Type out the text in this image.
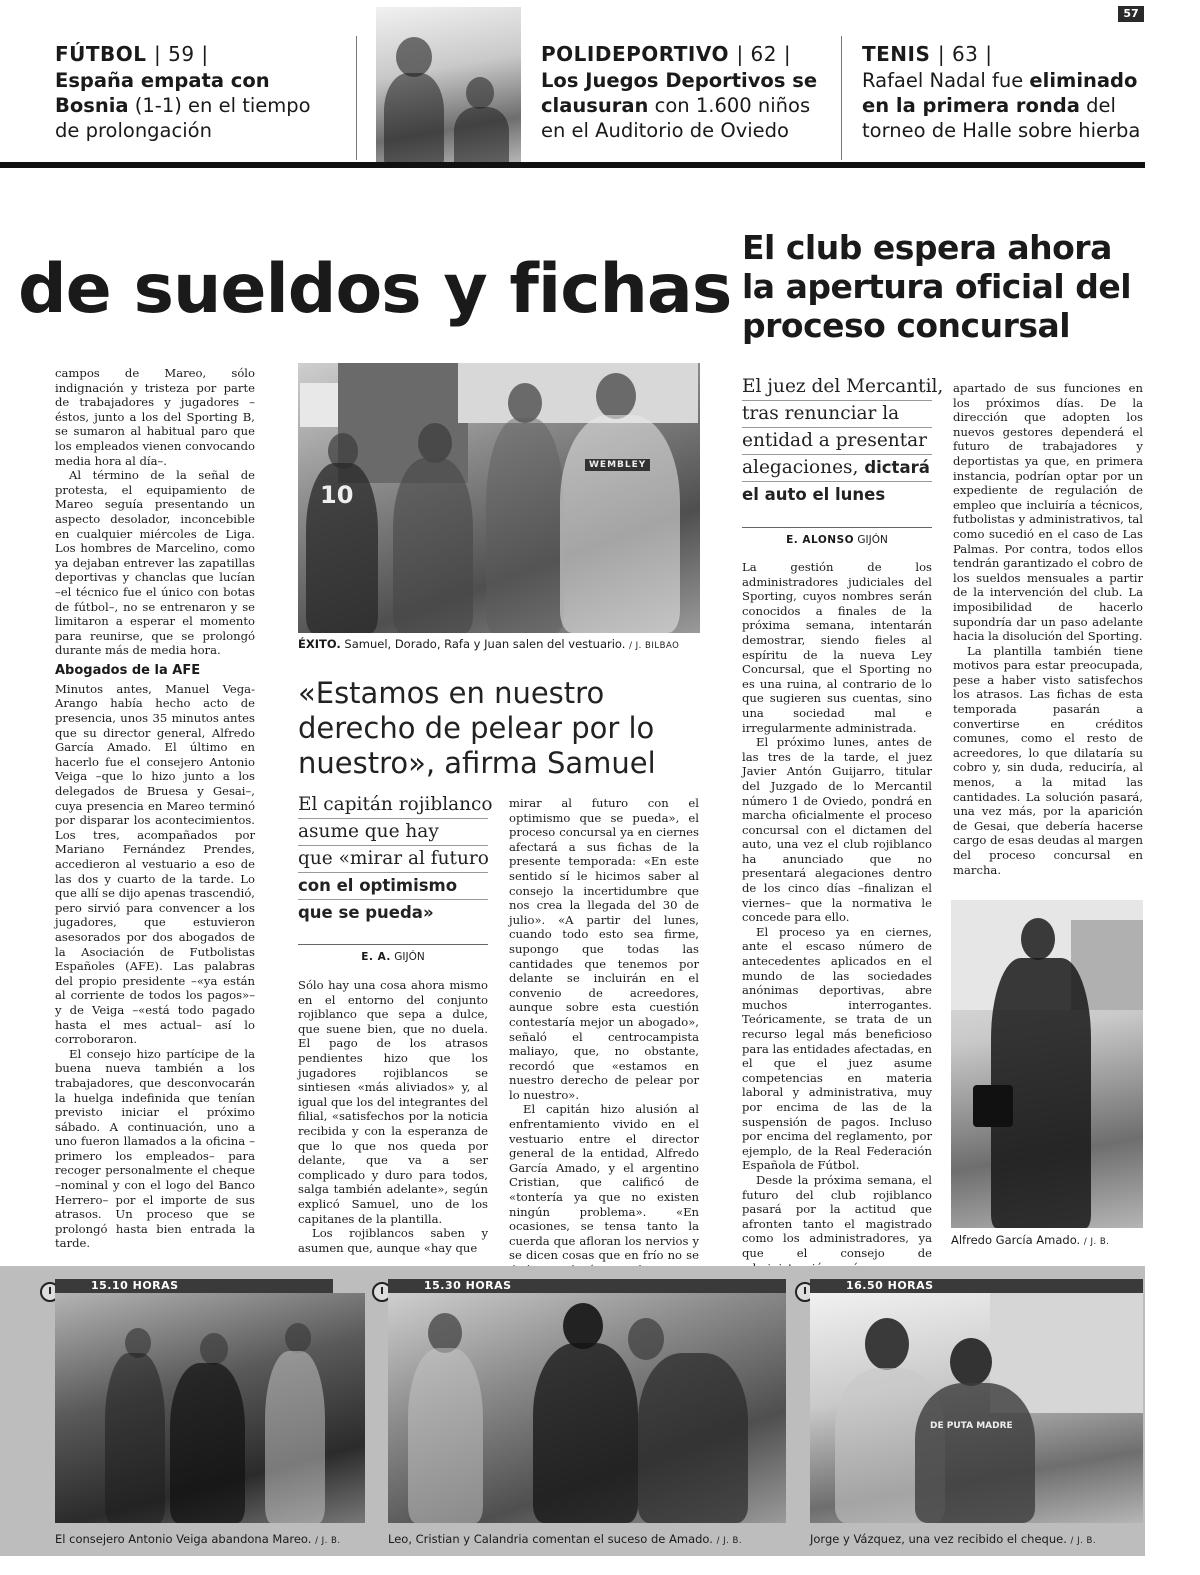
57
FÚTBOL | 59 |
España empata con
Bosnia (1-1) en el tiempo
de prolongación
POLIDEPORTIVO | 62 |
Los Juegos Deportivos se
clausuran con 1.600 niños
en el Auditorio de Oviedo
TENIS | 63 |
Rafael Nadal fue eliminado
en la primera ronda del
torneo de Halle sobre hierba
de sueldos y fichas
El club espera ahora la apertura oficial del proceso concursal

campos de Mareo, sólo indignación y tristeza por parte de trabajadores y jugadores –éstos, junto a los del Sporting B, se sumaron al habitual paro que los empleados vienen convocando media hora al día–.

Al término de la señal de protesta, el equipamiento de Mareo seguía presentando un aspecto desolador, inconcebible en cualquier miércoles de Liga. Los hombres de Marcelino, como ya dejaban entrever las zapatillas deportivas y chanclas que lucían –el técnico fue el único con botas de fútbol–, no se entrenaron y se limitaron a esperar el momento para reunirse, que se prolongó durante más de media hora.

Abogados de la AFE

Minutos antes, Manuel Vega-Arango había hecho acto de presencia, unos 35 minutos antes que su director general, Alfredo García Amado. El último en hacerlo fue el consejero Antonio Veiga –que lo hizo junto a los delegados de Bruesa y Gesai–, cuya presencia en Mareo terminó por disparar los acontecimientos. Los tres, acompañados por Mariano Fernández Prendes, accedieron al vestuario a eso de las dos y cuarto de la tarde. Lo que allí se dijo apenas trascendió, pero sirvió para convencer a los jugadores, que estuvieron asesorados por dos abogados de la Asociación de Futbolistas Españoles (AFE). Las palabras del propio presidente –«ya están al corriente de todos los pagos»– y de Veiga –«está todo pagado hasta el mes actual– así lo corroboraron.

El consejo hizo partícipe de la buena nueva también a los trabajadores, que desconvocarán la huelga indefinida que tenían previsto iniciar el próximo sábado. A continuación, uno a uno fueron llamados a la oficina –primero los empleados– para recoger personalmente el cheque –nominal y con el logo del Banco Herrero– por el importe de sus atrasos. Un proceso que se prolongó hasta bien entrada la tarde.

10
WEMBLEY
ÉXITO. Samuel, Dorado, Rafa y Juan salen del vestuario. / J. BILBAO
«Estamos en nuestro derecho de pelear por lo nuestro», afirma Samuel
El capitán rojiblanco
asume que hay
que «mirar al futuro
con el optimismo
que se pueda»
E. A. GIJÓN

Sólo hay una cosa ahora mismo en el entorno del conjunto rojiblanco que sepa a dulce, que suene bien, que no duela. El pago de los atrasos pendientes hizo que los jugadores rojiblancos se sintiesen «más aliviados» y, al igual que los del integrantes del filial, «satisfechos por la noticia recibida y con la esperanza de que lo que nos queda por delante, que va a ser complicado y duro para todos, salga también adelante», según explicó Samuel, uno de los capitanes de la plantilla.

Los rojiblancos saben y asumen que, aunque «hay que

mirar al futuro con el optimismo que se pueda», el proceso concursal ya en ciernes afectará a sus fichas de la presente temporada: «En este sentido sí le hicimos saber al consejo la incertidumbre que nos crea la llegada del 30 de julio». «A partir del lunes, cuando todo esto sea firme, supongo que todas las cantidades que tenemos por delante se incluirán en el convenio de acreedores, aunque sobre esta cuestión contestaría mejor un abogado», señaló el centrocampista maliayo, que, no obstante, recordó que «estamos en nuestro derecho de pelear por lo nuestro».

El capitán hizo alusión al enfrentamiento vivido en el vestuario entre el director general de la entidad, Alfredo García Amado, y el argentino Cristian, que calificó de «tontería ya que no existen ningún problema». «En ocasiones, se tensa tanto la cuerda que afloran los nervios y se dicen cosas que en frío no se

El juez del Mercantil,
tras renunciar la
entidad a presentar
alegaciones, dictará
el auto el lunes
E. ALONSO GIJÓN

La gestión de los administradores judiciales del Sporting, cuyos nombres serán conocidos a finales de la próxima semana, intentarán demostrar, siendo fieles al espíritu de la nueva Ley Concursal, que el Sporting no es una ruina, al contrario de lo que sugieren sus cuentas, sino una sociedad mal e irregularmente administrada.

El próximo lunes, antes de las tres de la tarde, el juez Javier Antón Guijarro, titular del Juzgado de lo Mercantil número 1 de Oviedo, pondrá en marcha oficialmente el proceso concursal con el dictamen del auto, una vez el club rojiblanco ha anunciado que no presentará alegaciones dentro de los cinco días –finalizan el viernes– que la normativa le concede para ello.

El proceso ya en ciernes, ante el escaso número de antecedentes aplicados en el mundo de las sociedades anónimas deportivas, abre muchos interrogantes. Teóricamente, se trata de un recurso legal más beneficioso para las entidades afectadas, en el que el juez asume competencias en materia laboral y administrativa, muy por encima de las de la suspensión de pagos. Incluso por encima del reglamento, por ejemplo, de la Real Federación Española de Fútbol.

Desde la próxima semana, el futuro del club rojiblanco pasará por la actitud que afronten tanto el magistrado como los administradores, ya que el consejo de

apartado de sus funciones en los próximos días. De la dirección que adopten los nuevos gestores dependerá el futuro de trabajadores y deportistas ya que, en primera instancia, podrían optar por un expediente de regulación de empleo que incluiría a técnicos, futbolistas y administrativos, tal como sucedió en el caso de Las Palmas. Por contra, todos ellos tendrán garantizado el cobro de los sueldos mensuales a partir de la intervención del club. La imposibilidad de hacerlo supondría dar un paso adelante hacia la disolución del Sporting.

La plantilla también tiene motivos para estar preocupada, pese a haber visto satisfechos los atrasos. Las fichas de esta temporada pasarán a convertirse en créditos comunes, como el resto de acreedores, lo que dilataría su cobro y, sin duda, reduciría, al menos, a la mitad las cantidades. La solución pasará, una vez más, por la aparición de Gesai, que debería hacerse cargo de esas deudas al margen del proceso concursal en marcha.

Alfredo García Amado. / J. B.
15.10 HORAS
El consejero Antonio Veiga abandona Mareo. / J. B.
15.30 HORAS
Leo, Cristian y Calandria comentan el suceso de Amado. / J. B.
16.50 HORAS
DE PUTA MADRE
Jorge y Vázquez, una vez recibido el cheque. / J. B.
